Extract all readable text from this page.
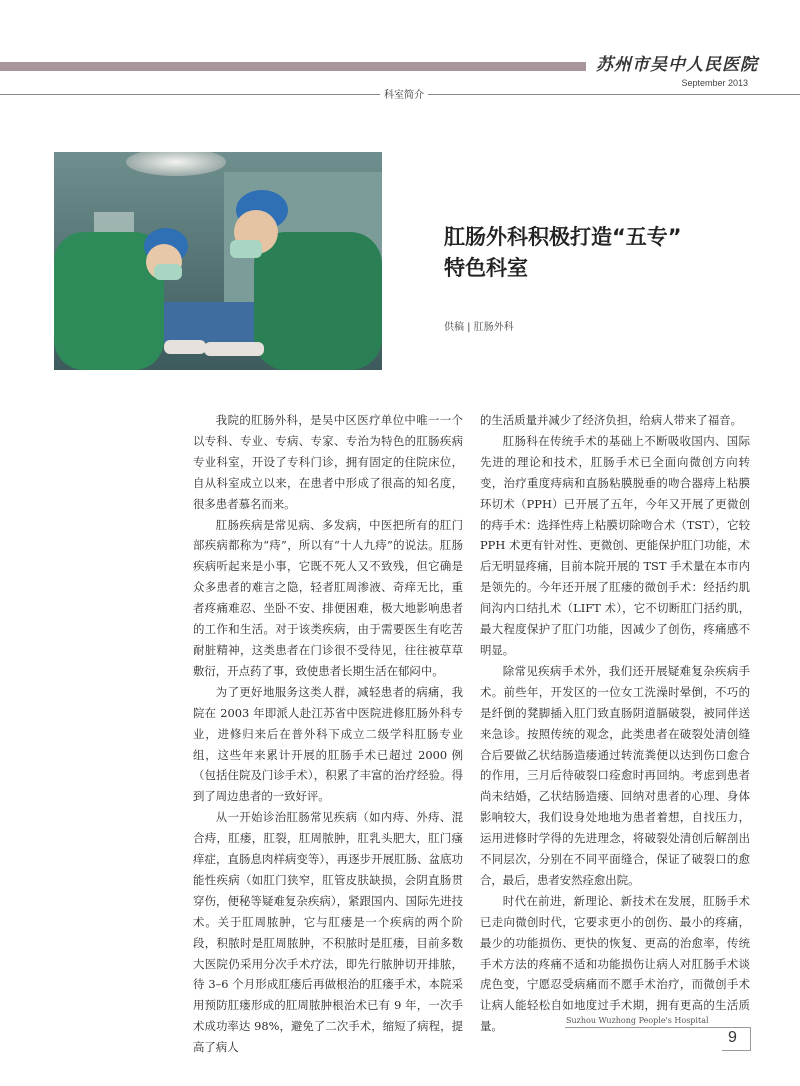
苏州市吴中人民医院
September 2013
科室简介
肛肠外科积极打造“五专”
特色科室
供稿 | 肛肠外科

我院的肛肠外科，是吴中区医疗单位中唯一一个以专科、专业、专病、专家、专治为特色的肛肠疾病专业科室，开设了专科门诊，拥有固定的住院床位，自从科室成立以来，在患者中形成了很高的知名度，很多患者慕名而来。

肛肠疾病是常见病、多发病，中医把所有的肛门部疾病都称为“痔”，所以有“十人九痔”的说法。肛肠疾病听起来是小事，它既不死人又不致残，但它确是众多患者的难言之隐，轻者肛周渗液、奇痒无比，重者疼痛难忍、坐卧不安、排便困难，极大地影响患者的工作和生活。对于该类疾病，由于需要医生有吃苦耐脏精神，这类患者在门诊很不受待见，往往被草草敷衍，开点药了事，致使患者长期生活在郁闷中。

为了更好地服务这类人群，减轻患者的病痛，我院在 2003 年即派人赴江苏省中医院进修肛肠外科专业，进修归来后在普外科下成立二级学科肛肠专业组，这些年来累计开展的肛肠手术已超过 2000 例（包括住院及门诊手术），积累了丰富的治疗经验。得到了周边患者的一致好评。

从一开始诊治肛肠常见疾病（如内痔、外痔、混合痔，肛瘘，肛裂，肛周脓肿，肛乳头肥大，肛门瘙痒症，直肠息肉样病变等），再逐步开展肛肠、盆底功能性疾病（如肛门狭窄，肛管皮肤缺损，会阴直肠贯穿伤，便秘等疑难复杂疾病），紧跟国内、国际先进技术。关于肛周脓肿，它与肛瘘是一个疾病的两个阶段，积脓时是肛周脓肿，不积脓时是肛瘘，目前多数大医院仍采用分次手术疗法，即先行脓肿切开排脓，待 3–6 个月形成肛瘘后再做根治的肛瘘手术，本院采用预防肛瘘形成的肛周脓肿根治术已有 9 年，一次手术成功率达 98%，避免了二次手术，缩短了病程，提高了病人

的生活质量并减少了经济负担，给病人带来了福音。

肛肠科在传统手术的基础上不断吸收国内、国际先进的理论和技术，肛肠手术已全面向微创方向转变，治疗重度痔病和直肠粘膜脱垂的吻合器痔上粘膜环切术（PPH）已开展了五年，今年又开展了更微创的痔手术：选择性痔上粘膜切除吻合术（TST），它较 PPH 术更有针对性、更微创、更能保护肛门功能，术后无明显疼痛，目前本院开展的 TST 手术量在本市内是领先的。今年还开展了肛瘘的微创手术：经括约肌间沟内口结扎术（LIFT 术），它不切断肛门括约肌，最大程度保护了肛门功能，因减少了创伤，疼痛感不明显。

除常见疾病手术外，我们还开展疑难复杂疾病手术。前些年，开发区的一位女工洗澡时晕倒，不巧的是纤倒的凳脚插入肛门致直肠阴道膈破裂，被同伴送来急诊。按照传统的观念，此类患者在破裂处清创缝合后要做乙状结肠造瘘通过转流粪便以达到伤口愈合的作用，三月后待破裂口痊愈时再回纳。考虑到患者尚未结婚，乙状结肠造瘘、回纳对患者的心理、身体影响较大，我们设身处地地为患者着想，自找压力，运用进修时学得的先进理念，将破裂处清创后解剖出不同层次，分别在不同平面缝合，保证了破裂口的愈合，最后，患者安然痊愈出院。

时代在前进，新理论、新技术在发展，肛肠手术已走向微创时代，它要求更小的创伤、最小的疼痛，最少的功能损伤、更快的恢复、更高的治愈率，传统手术方法的疼痛不适和功能损伤让病人对肛肠手术谈虎色变，宁愿忍受病痛而不愿手术治疗，而微创手术让病人能轻松自如地度过手术期，拥有更高的生活质量。	Suzhou Wuzhong People's Hospital
9
